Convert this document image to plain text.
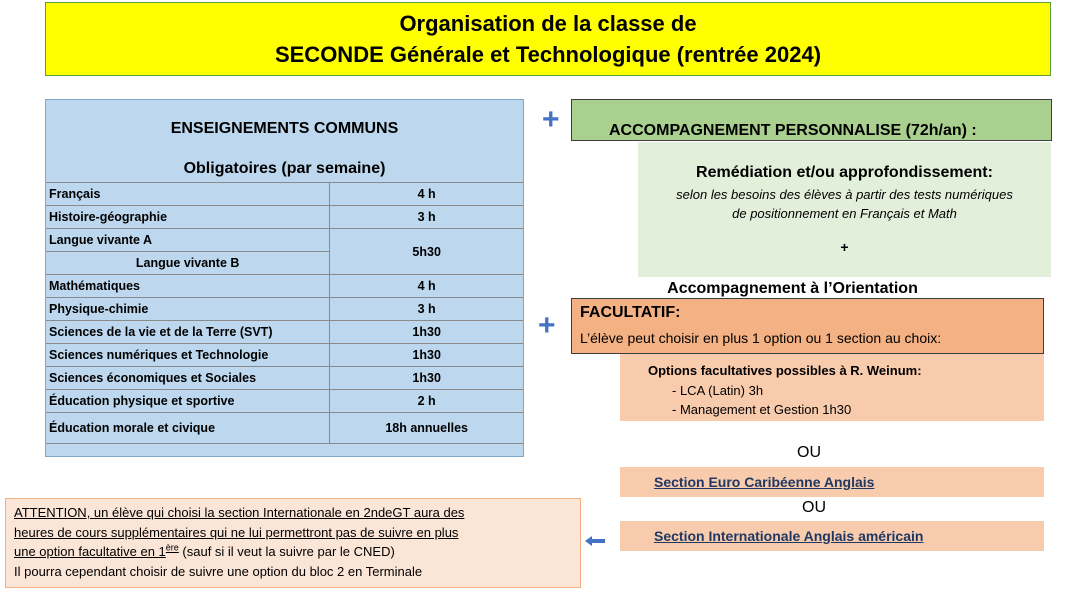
Organisation de la classe de
SECONDE Générale et Technologique (rentrée 2024)
ENSEIGNEMENTS COMMUNS
Obligatoires (par semaine)
Français	4 h
Histoire-géographie	3 h
Langue vivante A	5h30
Langue vivante B	
Mathématiques	4 h
Physique-chimie	3 h
Sciences de la vie et de la Terre (SVT)	1h30
Sciences numériques et Technologie	1h30
Sciences économiques et Sociales	1h30
Éducation physique et sportive	2 h
Éducation morale et civique	18h annuelles
+
+
ACCOMPAGNEMENT PERSONNALISE (72h/an) :
Remédiation et/ou approfondissement:
selon les besoins des élèves à partir des tests numériques
de positionnement en Français et Math
+
Accompagnement à l’Orientation
FACULTATIF:
L’élève peut choisir en plus 1 option ou 1 section au choix:
Options facultatives possibles à R. Weinum:
- LCA (Latin) 3h
- Management et Gestion 1h30
OU
Section Euro Caribéenne Anglais
OU
Section Internationale Anglais américain
ATTENTION, un élève qui choisi la section Internationale en 2ndeGT aura des
heures de cours supplémentaires qui ne lui permettront pas de suivre en plus
une option facultative en 1ère (sauf si il veut la suivre par le CNED)
Il pourra cependant choisir de suivre une option du bloc 2 en Terminale
